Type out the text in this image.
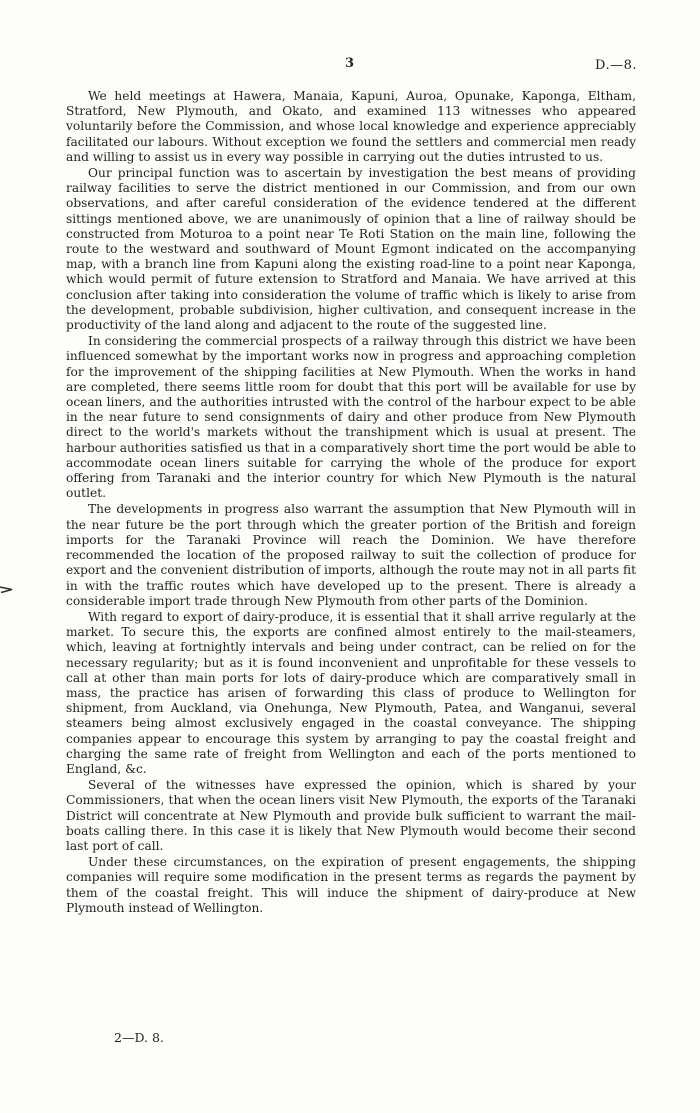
3	D.—8.

We held meetings at Hawera, Manaia, Kapuni, Auroa, Opunake, Kaponga, Eltham, Stratford, New Plymouth, and Okato, and examined 113 witnesses who appeared voluntarily before the Commission, and whose local knowledge and experience appreciably facilitated our labours. Without exception we found the settlers and commercial men ready and willing to assist us in every way possible in carrying out the duties intrusted to us.

Our principal function was to ascertain by investigation the best means of providing railway facilities to serve the district mentioned in our Commission, and from our own observations, and after careful consideration of the evidence tendered at the different sittings mentioned above, we are unanimously of opinion that a line of railway should be constructed from Moturoa to a point near Te Roti Station on the main line, following the route to the westward and southward of Mount Egmont indicated on the accompanying map, with a branch line from Kapuni along the existing road-line to a point near Kaponga, which would permit of future extension to Stratford and Manaia. We have arrived at this conclusion after taking into consideration the volume of traffic which is likely to arise from the development, probable subdivision, higher cultivation, and consequent increase in the productivity of the land along and adjacent to the route of the suggested line.

In considering the commercial prospects of a railway through this district we have been influenced somewhat by the important works now in progress and approaching completion for the improvement of the shipping facilities at New Plymouth. When the works in hand are completed, there seems little room for doubt that this port will be available for use by ocean liners, and the authorities intrusted with the control of the harbour expect to be able in the near future to send consignments of dairy and other produce from New Plymouth direct to the world's markets without the transhipment which is usual at present. The harbour authorities satisfied us that in a comparatively short time the port would be able to accommodate ocean liners suitable for carrying the whole of the produce for export offering from Taranaki and the interior country for which New Plymouth is the natural outlet.

The developments in progress also warrant the assumption that New Plymouth will in the near future be the port through which the greater portion of the British and foreign imports for the Taranaki Province will reach the Dominion. We have therefore recommended the location of the proposed railway to suit the collection of produce for export and the convenient distribution of imports, although the route may not in all parts fit in with the traffic routes which have developed up to the present. There is already a considerable import trade through New Plymouth from other parts of the Dominion.

With regard to export of dairy-produce, it is essential that it shall arrive regularly at the market. To secure this, the exports are confined almost entirely to the mail-steamers, which, leaving at fortnightly intervals and being under contract, can be relied on for the necessary regularity; but as it is found inconvenient and unprofitable for these vessels to call at other than main ports for lots of dairy-produce which are comparatively small in mass, the practice has arisen of forwarding this class of produce to Wellington for shipment, from Auckland, via Onehunga, New Plymouth, Patea, and Wanganui, several steamers being almost exclusively engaged in the coastal conveyance. The shipping companies appear to encourage this system by arranging to pay the coastal freight and charging the same rate of freight from Wellington and each of the ports mentioned to England, &c.

Several of the witnesses have expressed the opinion, which is shared by your Commissioners, that when the ocean liners visit New Plymouth, the exports of the Taranaki District will concentrate at New Plymouth and provide bulk sufficient to warrant the mail-boats calling there. In this case it is likely that New Plymouth would become their second last port of call.

Under these circumstances, on the expiration of present engagements, the shipping companies will require some modification in the present terms as regards the payment by them of the coastal freight. This will induce the shipment of dairy-produce at New Plymouth instead of Wellington.

2—D. 8.
